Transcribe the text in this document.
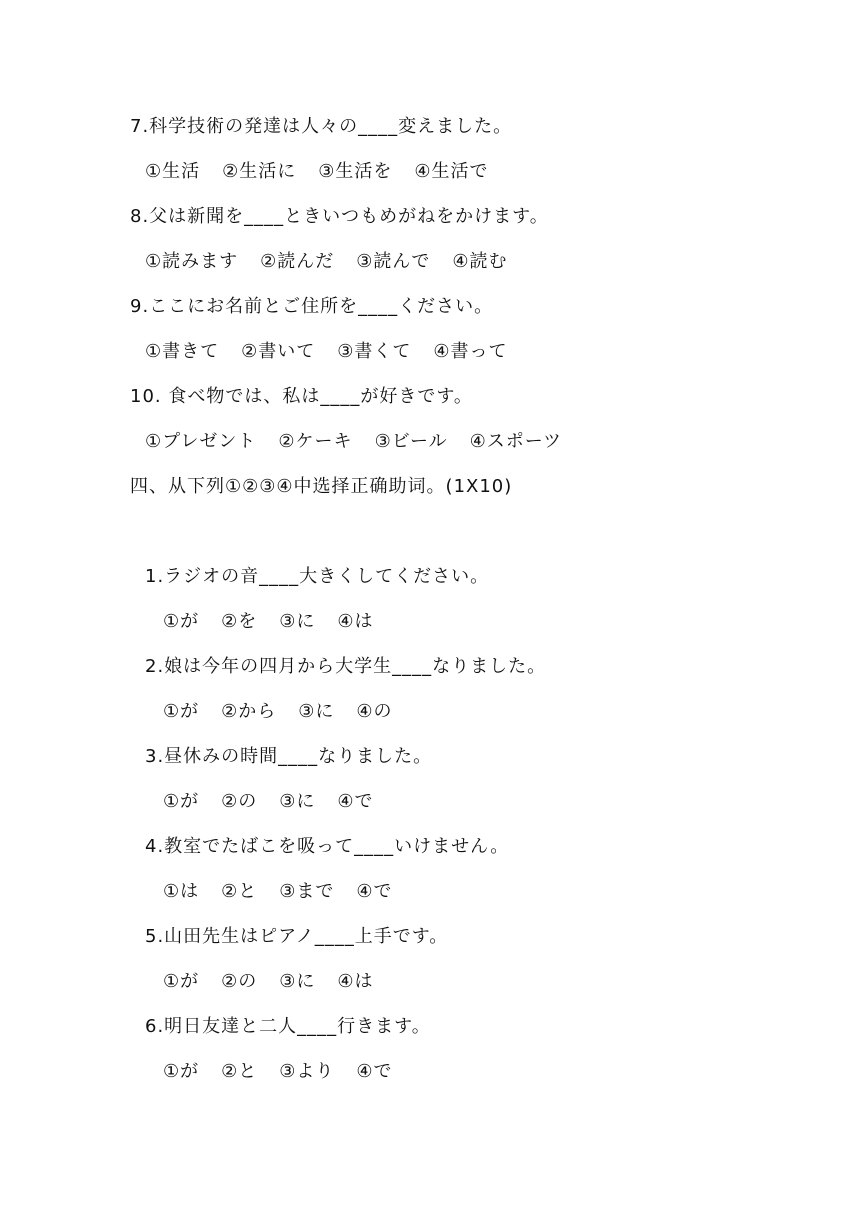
7.科学技術の発達は人々の____変えました。
①生活 ②生活に ③生活を ④生活で
8.父は新聞を____ときいつもめがねをかけます。
①読みます ②読んだ ③読んで ④読む
9.ここにお名前とご住所を____ください。
①書きて ②書いて ③書くて ④書って
10. 食べ物では、私は____が好きです。
①プレゼント ②ケーキ ③ビール ④スポーツ
四、从下列①②③④中选择正确助词。(1X10)
1.ラジオの音____大きくしてください。
①が ②を ③に ④は
2.娘は今年の四月から大学生____なりました。
①が ②から ③に ④の
3.昼休みの時間____なりました。
①が ②の ③に ④で
4.教室でたばこを吸って____いけません。
①は ②と ③まで ④で
5.山田先生はピアノ____上手です。
①が ②の ③に ④は
6.明日友達と二人____行きます。
①が ②と ③より ④で
